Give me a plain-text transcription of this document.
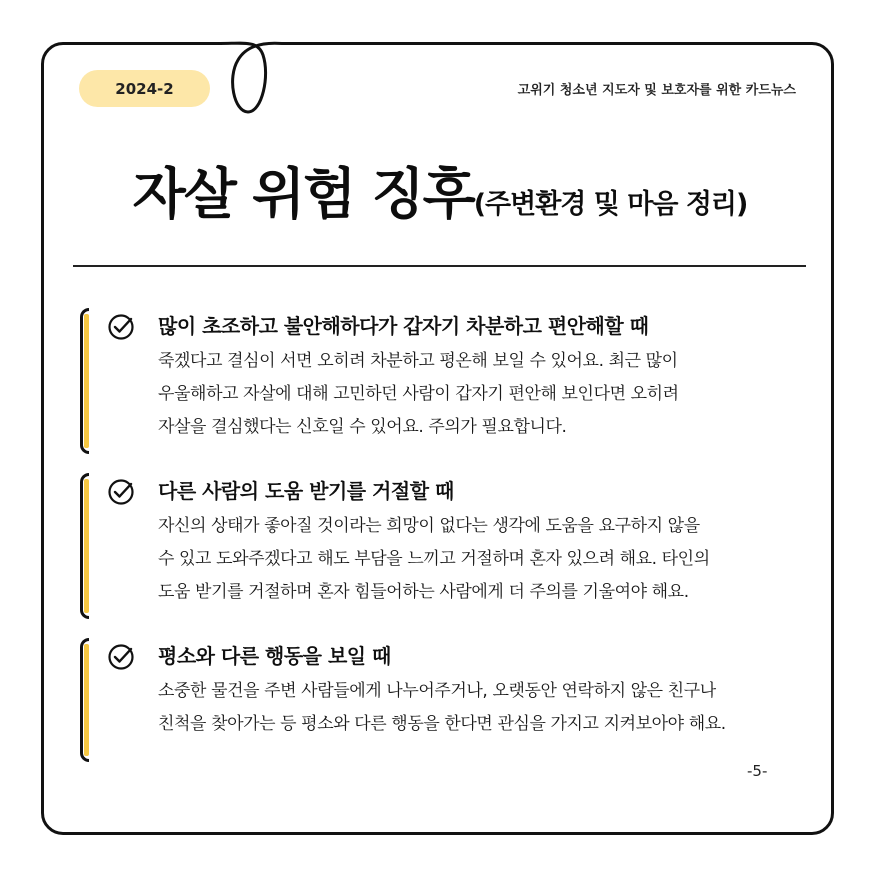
2024-2	고위기 청소년 지도자 및 보호자를 위한 카드뉴스
자살 위험 징후(주변환경 및 마음 정리)
많이 초조하고 불안해하다가 갑자기 차분하고 편안해할 때
죽겠다고 결심이 서면 오히려 차분하고 평온해 보일 수 있어요. 최근 많이
우울해하고 자살에 대해 고민하던 사람이 갑자기 편안해 보인다면 오히려
자살을 결심했다는 신호일 수 있어요. 주의가 필요합니다.
다른 사람의 도움 받기를 거절할 때
자신의 상태가 좋아질 것이라는 희망이 없다는 생각에 도움을 요구하지 않을
수 있고 도와주겠다고 해도 부담을 느끼고 거절하며 혼자 있으려 해요. 타인의
도움 받기를 거절하며 혼자 힘들어하는 사람에게 더 주의를 기울여야 해요.
평소와 다른 행동을 보일 때
소중한 물건을 주변 사람들에게 나누어주거나, 오랫동안 연락하지 않은 친구나
친척을 찾아가는 등 평소와 다른 행동을 한다면 관심을 가지고 지켜보아야 해요.
-5-
